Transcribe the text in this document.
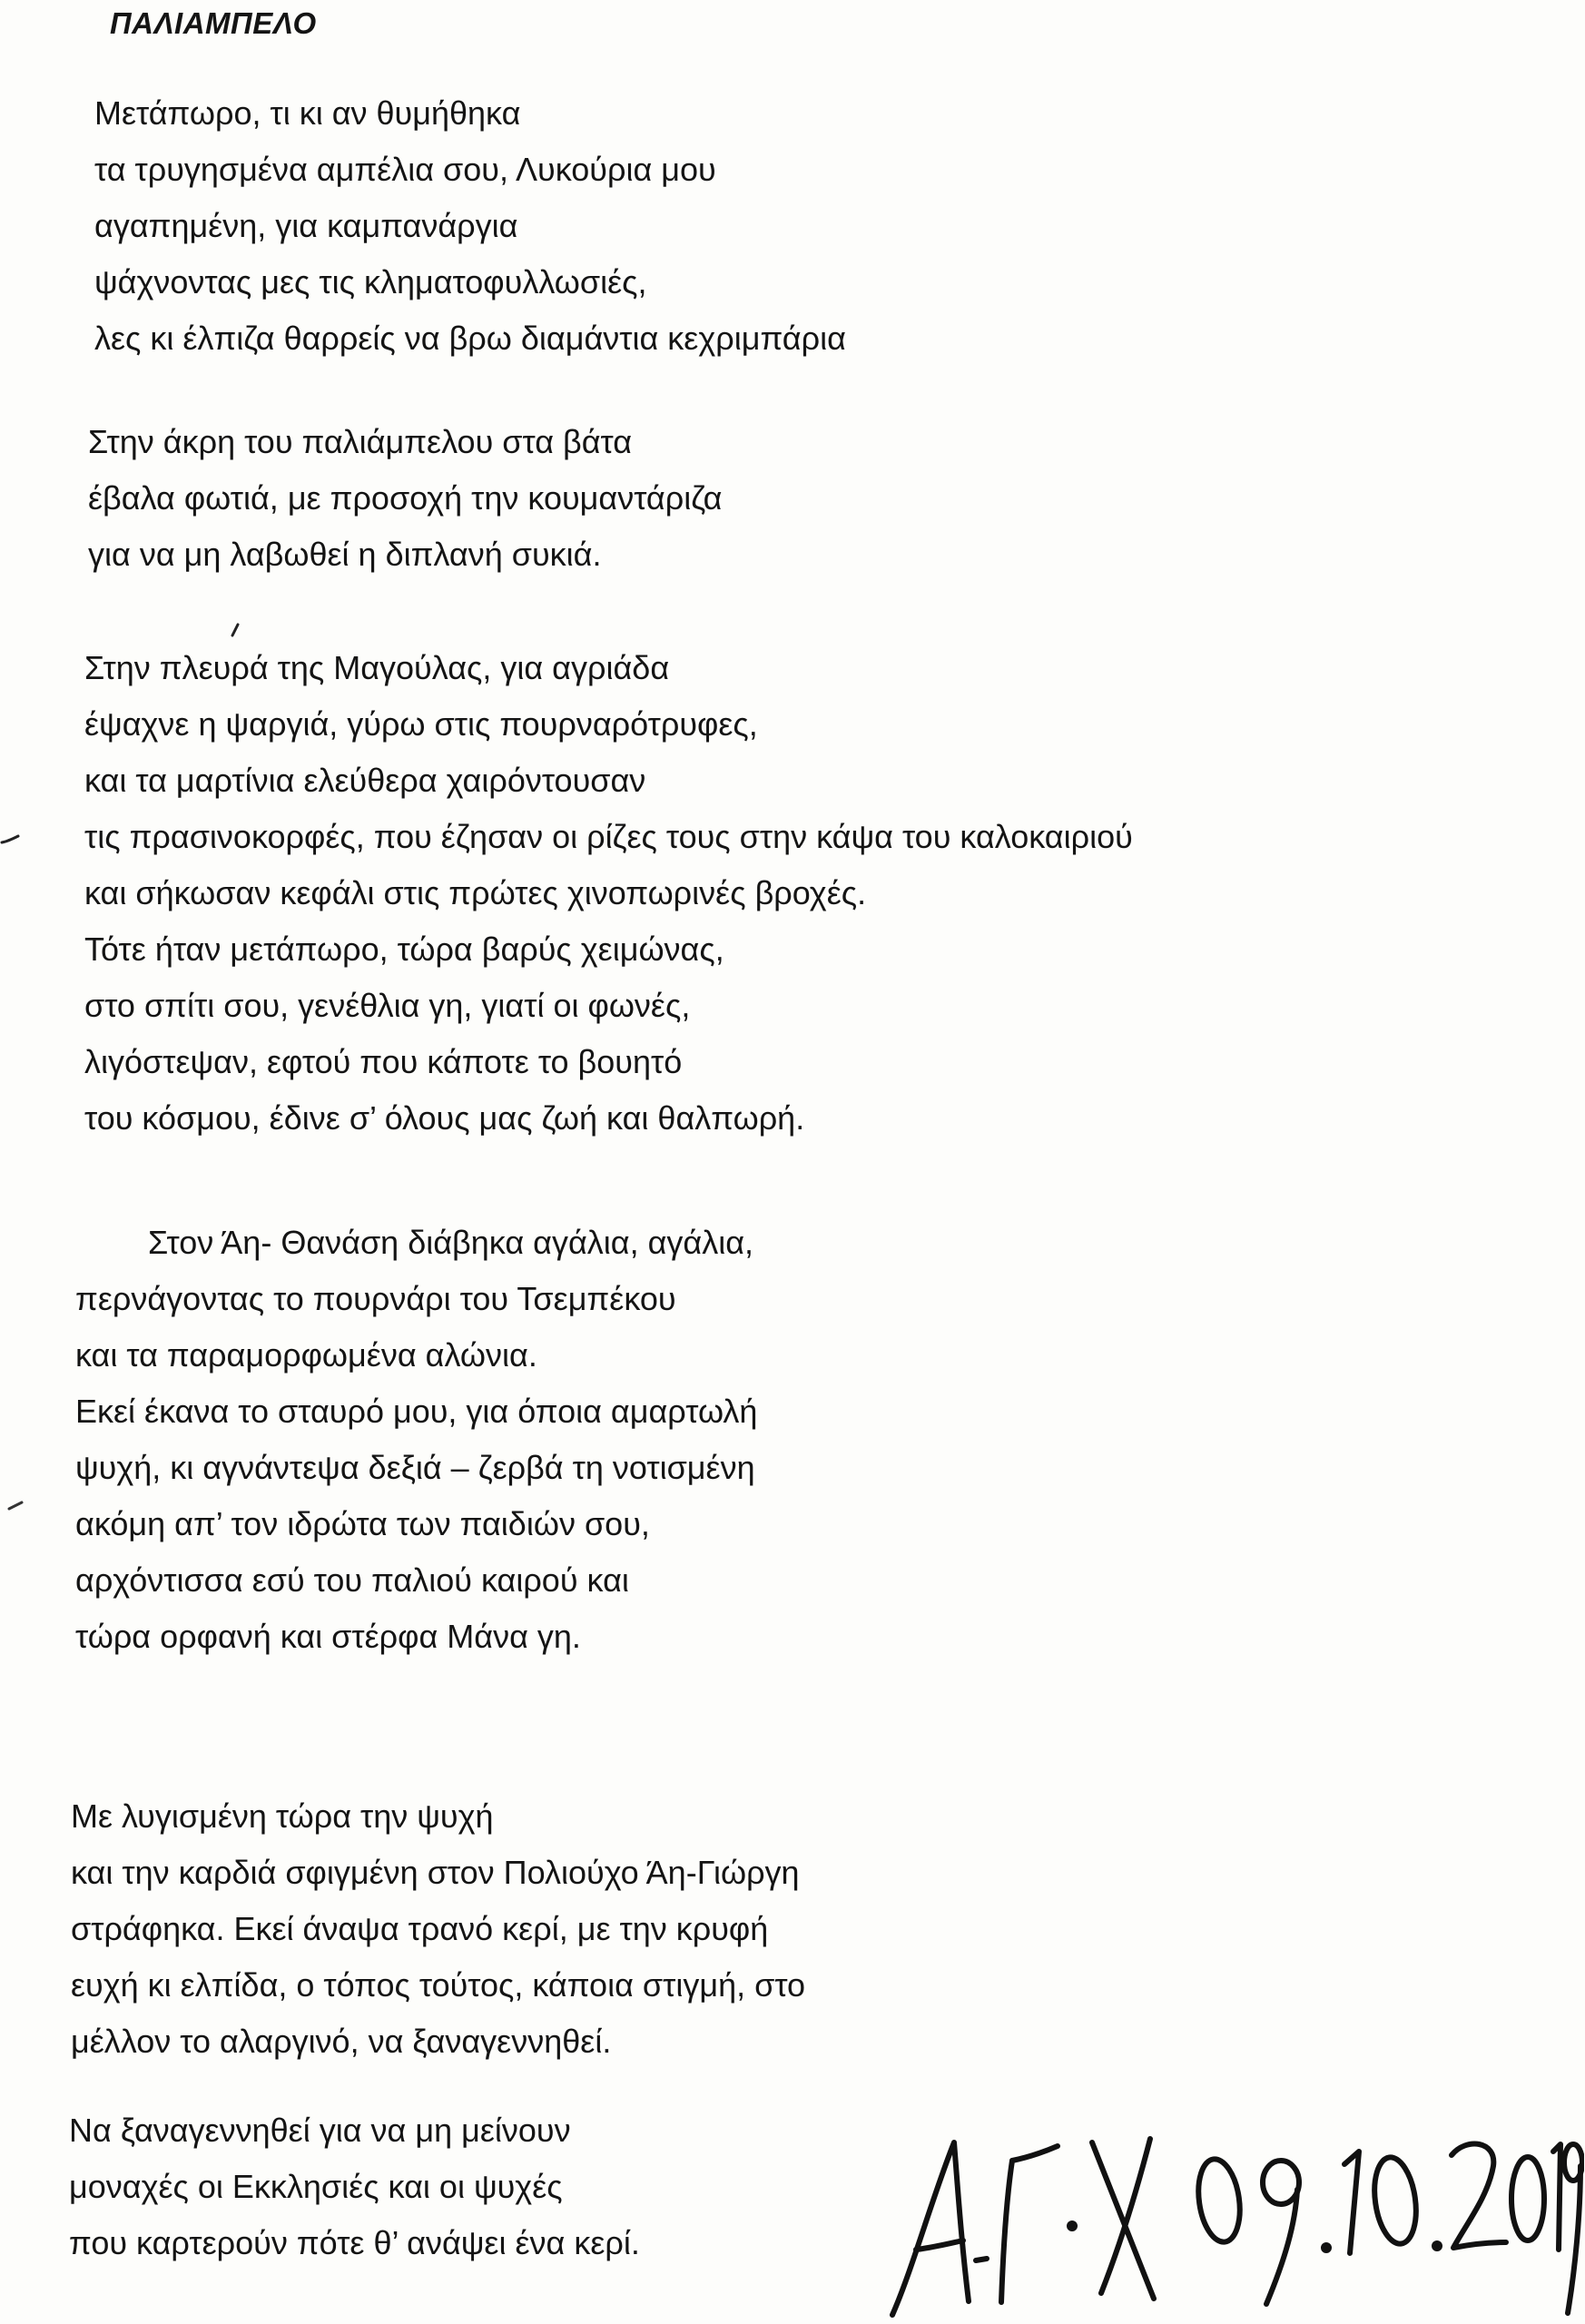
ΠΑΛΙΑΜΠΕΛΟ
Μετάπωρο, τι κι αν θυμήθηκα
τα τρυγησμένα αμπέλια σου, Λυκούρια μου
αγαπημένη, για καμπανάργια
ψάχνοντας μες τις κληματοφυλλωσιές,
λες κι έλπιζα θαρρείς να βρω διαμάντια κεχριμπάρια
Στην άκρη του παλιάμπελου στα βάτα
έβαλα φωτιά, με προσοχή την κουμαντάριζα
για να μη λαβωθεί η διπλανή συκιά.
Στην πλευρά της Μαγούλας, για αγριάδα
έψαχνε η ψαργιά, γύρω στις πουρναρότρυφες,
και τα μαρτίνια ελεύθερα χαιρόντουσαν
τις πρασινοκορφές, που έζησαν οι ρίζες τους στην κάψα του καλοκαιριού
και σήκωσαν κεφάλι στις πρώτες χινοπωρινές βροχές.
Τότε ήταν μετάπωρο, τώρα βαρύς χειμώνας,
στο σπίτι σου, γενέθλια γη, γιατί οι φωνές,
λιγόστεψαν, εφτού που κάποτε το βουητό
του κόσμου, έδινε σ’ όλους μας ζωή και θαλπωρή.
Στον Άη- Θανάση διάβηκα αγάλια, αγάλια,
περνάγοντας το πουρνάρι του Τσεμπέκου
και τα παραμορφωμένα αλώνια.
Εκεί έκανα το σταυρό μου, για όποια αμαρτωλή
ψυχή, κι αγνάντεψα δεξιά – ζερβά τη νοτισμένη
ακόμη απ’ τον ιδρώτα των παιδιών σου,
αρχόντισσα εσύ του παλιού καιρού και
τώρα ορφανή και στέρφα Μάνα γη.
Με λυγισμένη τώρα την ψυχή
και την καρδιά σφιγμένη στον Πολιούχο Άη-Γιώργη
στράφηκα. Εκεί άναψα τρανό κερί, με την κρυφή
ευχή κι ελπίδα, ο τόπος τούτος, κάποια στιγμή, στο
μέλλον το αλαργινό, να ξαναγεννηθεί.
Να ξαναγεννηθεί για να μη μείνουν
μοναχές οι Εκκλησιές και οι ψυχές
που καρτερούν πότε θ’ ανάψει ένα κερί.
